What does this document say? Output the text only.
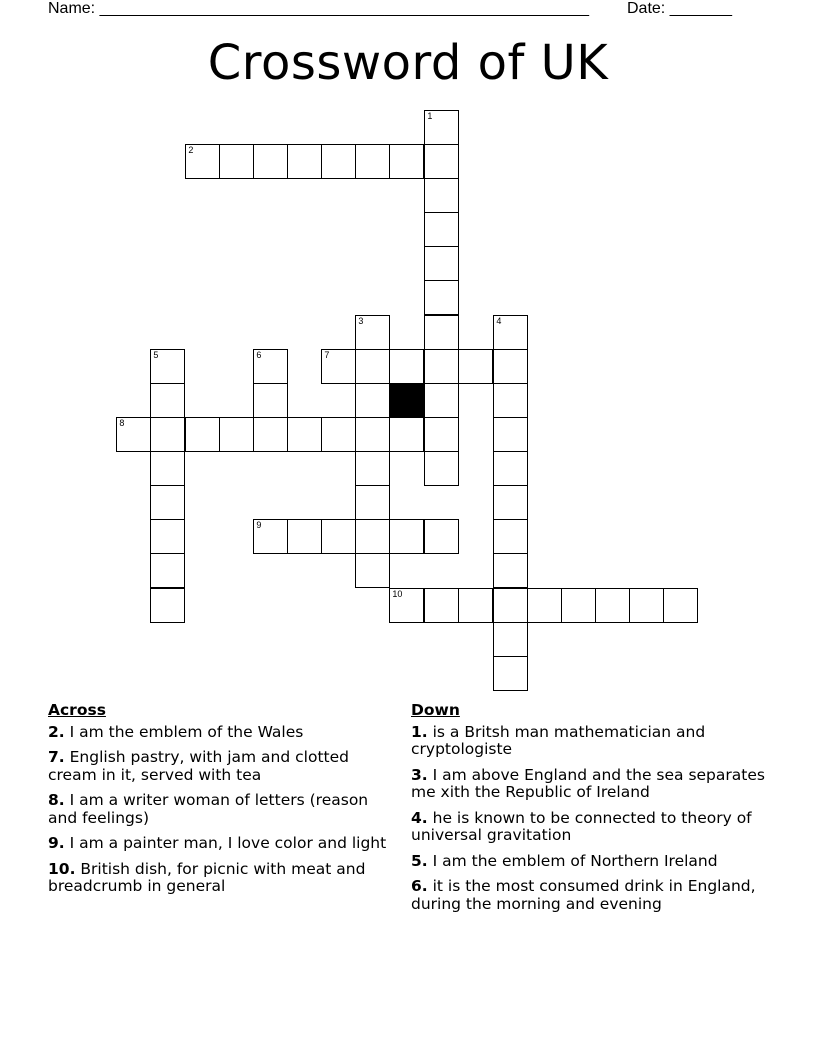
Name: _______________________________________________________ Date: _______
Crossword of UK
1
2
3	4
5	6	7
8
9
10
Across
2. I am the emblem of the Wales
7. English pastry, with jam and clotted cream in it, served with tea
8. I am a writer woman of letters (reason and feelings)
9. I am a painter man, I love color and light
10. British dish, for picnic with meat and breadcrumb in general
Down
1. is a Britsh man mathematician and cryptologiste
3. I am above England and the sea separates me xith the Republic of Ireland
4. he is known to be connected to theory of universal gravitation
5. I am the emblem of Northern Ireland
6. it is the most consumed drink in England, during the morning and evening
